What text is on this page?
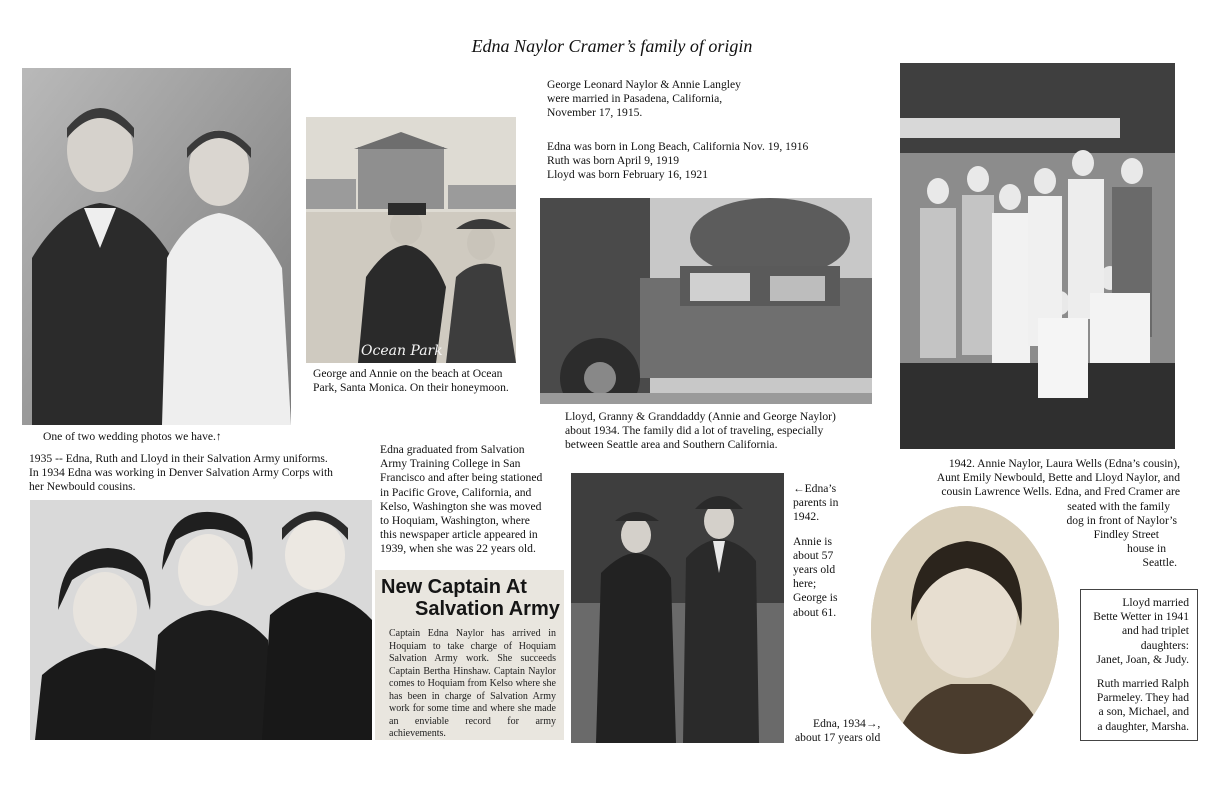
Edna Naylor Cramer’s family of origin
One of two wedding photos we have.↑
Ocean Park
George and Annie on the beach at Ocean Park, Santa Monica. On their honeymoon.

George Leonard Naylor & Annie Langley

were married in Pasadena, California,

November 17, 1915.

Edna was born in Long Beach, California Nov. 19, 1916

Ruth was born April 9, 1919

Lloyd was born February 16, 1921

Lloyd, Granny & Granddaddy (Annie and George Naylor)

about 1934. The family did a lot of traveling, especially

between Seattle area and Southern California.

1942. Annie Naylor, Laura Wells (Edna’s cousin),

Aunt Emily Newbould, Bette and Lloyd Naylor, and

cousin Lawrence Wells. Edna, and Fred Cramer are

seated with the family

dog in front of Naylor’s

Findley Street

house in

Seattle.

1935 -- Edna, Ruth and Lloyd in their Salvation Army uniforms.

In 1934 Edna was working in Denver Salvation Army Corps with

her Newbould cousins.

Edna graduated from Salvation

Army Training College in San

Francisco and after being stationed

in Pacific Grove, California, and

Kelso, Washington she was moved

to Hoquiam, Washington, where

this newspaper article appeared in

1939, when she was 22 years old.

New Captain At
Salvation Army
Captain Edna Naylor has arrived in Hoquiam to take charge of Hoquiam Salvation Army work. She succeeds Captain Bertha Hinshaw. Captain Naylor comes to Hoquiam from Kelso where she has been in charge of Salvation Army work for some time and where she made an enviable record for army achievements.

←Edna’s

parents in

1942.

Annie is

about 57

years old

here;

George is

about 61.

Edna, 1934→,

about 17 years old

Lloyd married

Bette Wetter in 1941

and had triplet

daughters:

Janet, Joan, & Judy.

Ruth married Ralph

Parmeley. They had

a son, Michael, and

a daughter, Marsha.
